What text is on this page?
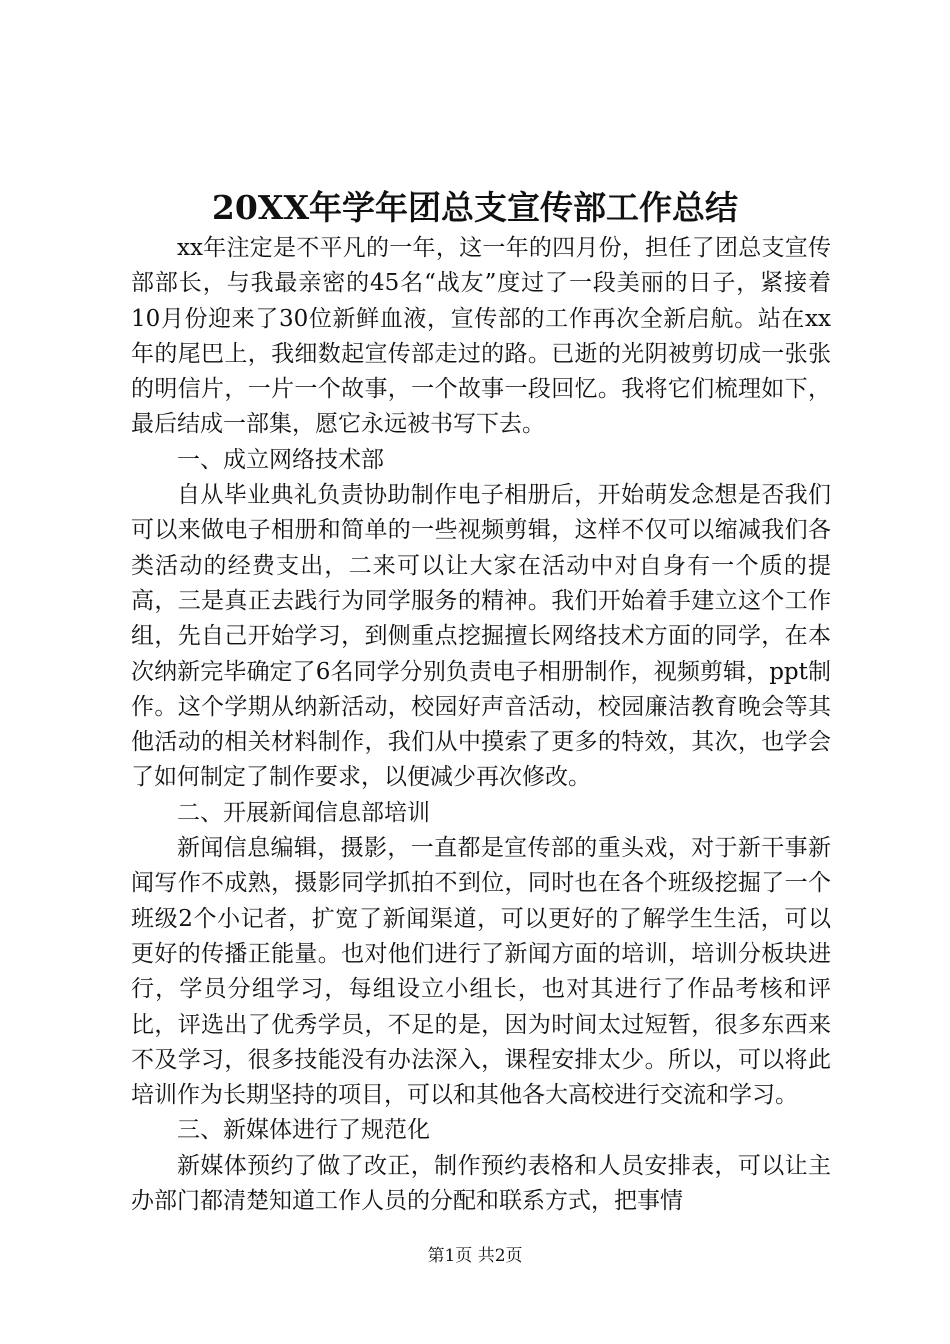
20XX年学年团总支宣传部工作总结

xx年注定是不平凡的一年，这一年的四月份，担任了团总支宣传部部长，与我最亲密的45名“战友”度过了一段美丽的日子，紧接着10月份迎来了30位新鲜血液，宣传部的工作再次全新启航。站在xx年的尾巴上，我细数起宣传部走过的路。已逝的光阴被剪切成一张张的明信片，一片一个故事，一个故事一段回忆。我将它们梳理如下，最后结成一部集，愿它永远被书写下去。

一、成立网络技术部

自从毕业典礼负责协助制作电子相册后，开始萌发念想是否我们可以来做电子相册和简单的一些视频剪辑，这样不仅可以缩减我们各类活动的经费支出，二来可以让大家在活动中对自身有一个质的提高，三是真正去践行为同学服务的精神。我们开始着手建立这个工作组，先自己开始学习，到侧重点挖掘擅长网络技术方面的同学，在本次纳新完毕确定了6名同学分别负责电子相册制作，视频剪辑，ppt制作。这个学期从纳新活动，校园好声音活动，校园廉洁教育晚会等其他活动的相关材料制作，我们从中摸索了更多的特效，其次，也学会了如何制定了制作要求，以便减少再次修改。

二、开展新闻信息部培训

新闻信息编辑，摄影，一直都是宣传部的重头戏，对于新干事新闻写作不成熟，摄影同学抓拍不到位，同时也在各个班级挖掘了一个班级2个小记者，扩宽了新闻渠道，可以更好的了解学生生活，可以更好的传播正能量。也对他们进行了新闻方面的培训，培训分板块进行，学员分组学习，每组设立小组长，也对其进行了作品考核和评比，评选出了优秀学员，不足的是，因为时间太过短暂，很多东西来不及学习，很多技能没有办法深入，课程安排太少。所以，可以将此培训作为长期坚持的项目，可以和其他各大高校进行交流和学习。

三、新媒体进行了规范化

新媒体预约了做了改正，制作预约表格和人员安排表，可以让主办部门都清楚知道工作人员的分配和联系方式，把事情

第1页 共2页
